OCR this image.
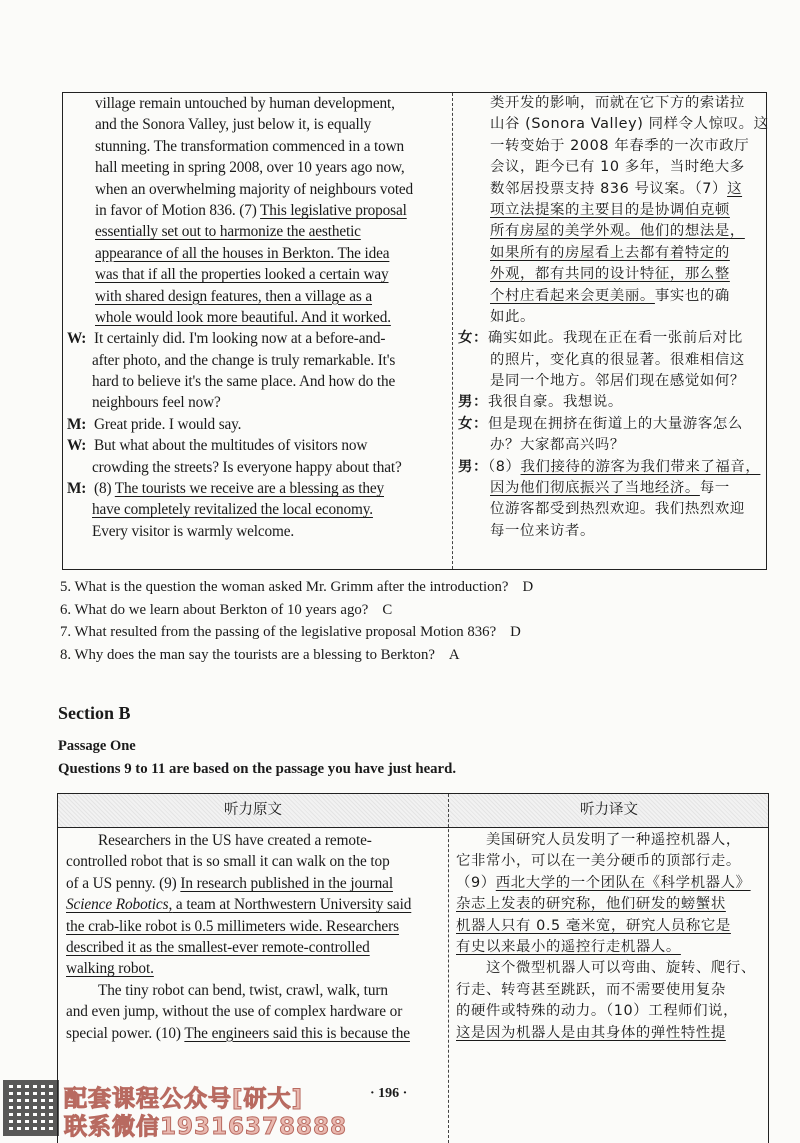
village remain untouched by human development,
and the Sonora Valley, just below it, is equally
stunning. The transformation commenced in a town
hall meeting in spring 2008, over 10 years ago now,
when an overwhelming majority of neighbours voted
in favor of Motion 836. (7) This legislative proposal
essentially set out to harmonize the aesthetic
appearance of all the houses in Berkton. The idea
was that if all the properties looked a certain way
with shared design features, then a village as a
whole would look more beautiful. And it worked.
W: It certainly did. I'm looking now at a before-and-
after photo, and the change is truly remarkable. It's
hard to believe it's the same place. And how do the
neighbours feel now?
M: Great pride. I would say.
W: But what about the multitudes of visitors now
crowding the streets? Is everyone happy about that?
M: (8) The tourists we receive are a blessing as they
have completely revitalized the local economy.
Every visitor is warmly welcome.
类开发的影响，而就在它下方的索诺拉
山谷 (Sonora Valley) 同样令人惊叹。这
一转变始于 2008 年春季的一次市政厅
会议，距今已有 10 多年，当时绝大多
数邻居投票支持 836 号议案。（7）这
项立法提案的主要目的是协调伯克顿
所有房屋的美学外观。他们的想法是，
如果所有的房屋看上去都有着特定的
外观，都有共同的设计特征，那么整
个村庄看起来会更美丽。事实也的确
如此。
女：确实如此。我现在正在看一张前后对比
的照片，变化真的很显著。很难相信这
是同一个地方。邻居们现在感觉如何？
男：我很自豪。我想说。
女：但是现在拥挤在街道上的大量游客怎么
办？大家都高兴吗？
男：（8）我们接待的游客为我们带来了福音，
因为他们彻底振兴了当地经济。每一
位游客都受到热烈欢迎。我们热烈欢迎
每一位来访者。
5. What is the question the woman asked Mr. Grimm after the introduction? D
6. What do we learn about Berkton of 10 years ago? C
7. What resulted from the passing of the legislative proposal Motion 836? D
8. Why does the man say the tourists are a blessing to Berkton? A
Section B
Passage One
Questions 9 to 11 are based on the passage you have just heard.
听力原文	听力译文
Researchers in the US have created a remote-
controlled robot that is so small it can walk on the top
of a US penny. (9) In research published in the journal
Science Robotics, a team at Northwestern University said
the crab-like robot is 0.5 millimeters wide. Researchers
described it as the smallest-ever remote-controlled
walking robot.
The tiny robot can bend, twist, crawl, walk, turn
and even jump, without the use of complex hardware or
special power. (10) The engineers said this is because the
美国研究人员发明了一种遥控机器人，
它非常小，可以在一美分硬币的顶部行走。
（9）西北大学的一个团队在《科学机器人》
杂志上发表的研究称，他们研发的螃蟹状
机器人只有 0.5 毫米宽，研究人员称它是
有史以来最小的遥控行走机器人。
这个微型机器人可以弯曲、旋转、爬行、
行走、转弯甚至跳跃，而不需要使用复杂
的硬件或特殊的动力。（10）工程师们说，
这是因为机器人是由其身体的弹性特性提
· 196 ·
配套课程公众号[研大]
联系微信19316378888
